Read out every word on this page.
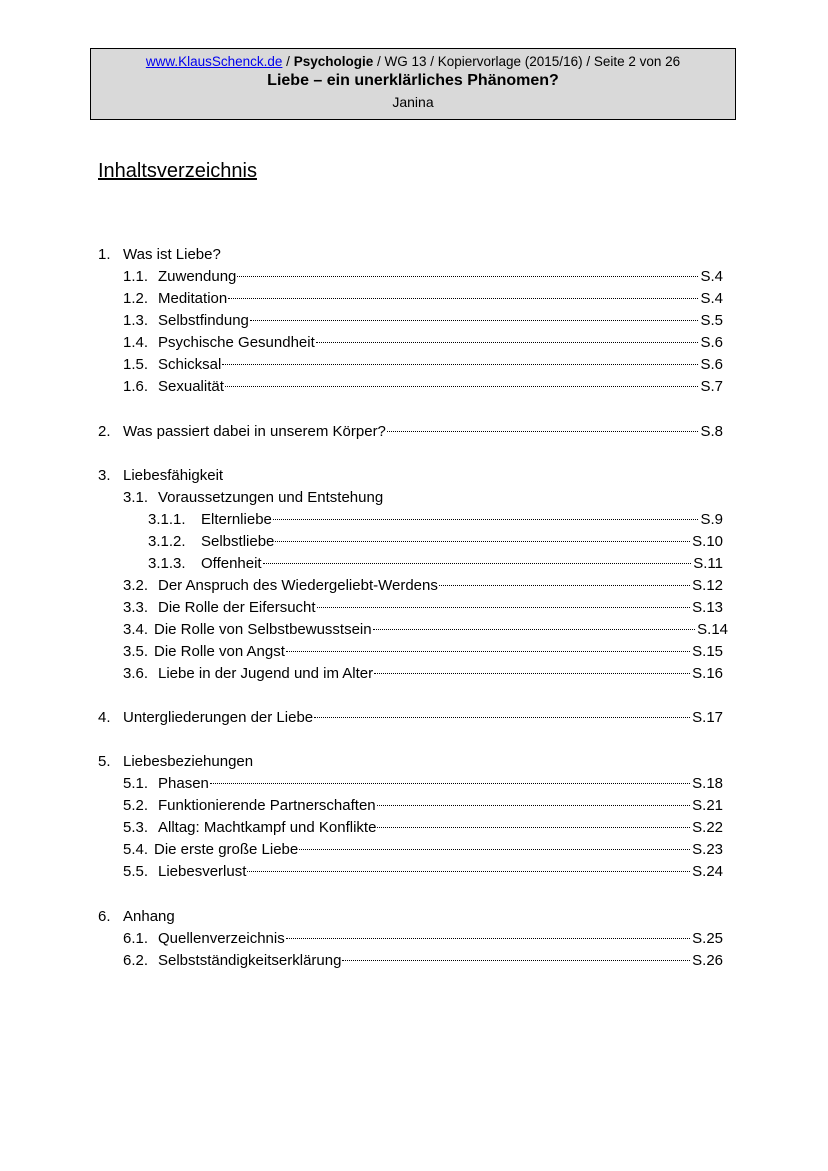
www.KlausSchenck.de / Psychologie / WG 13 / Kopiervorlage (2015/16) / Seite 2 von 26
Liebe – ein unerklärliches Phänomen?
Janina
Inhaltsverzeichnis
1. Was ist Liebe?
1.1. Zuwendung	S.4
1.2. Meditation	S.4
1.3. Selbstfindung	S.5
1.4. Psychische Gesundheit	S.6
1.5. Schicksal	S.6
1.6. Sexualität	S.7
2. Was passiert dabei in unserem Körper?	S.8
3. Liebesfähigkeit
3.1. Voraussetzungen und Entstehung
3.1.1.	Elternliebe	S.9
3.1.2.	Selbstliebe	S.10
3.1.3.	Offenheit	S.11
3.2. Der Anspruch des Wiedergeliebt-Werdens	S.12
3.3. Die Rolle der Eifersucht	S.13
3.4. Die Rolle von Selbstbewusstsein	S.14
3.5. Die Rolle von Angst	S.15
3.6. Liebe in der Jugend und im Alter	S.16
4. Untergliederungen der Liebe	S.17
5. Liebesbeziehungen
5.1. Phasen	S.18
5.2. Funktionierende Partnerschaften	S.21
5.3. Alltag: Machtkampf und Konflikte	S.22
5.4. Die erste große Liebe	S.23
5.5. Liebesverlust	S.24
6. Anhang
6.1. Quellenverzeichnis	S.25
6.2. Selbstständigkeitserklärung	S.26
